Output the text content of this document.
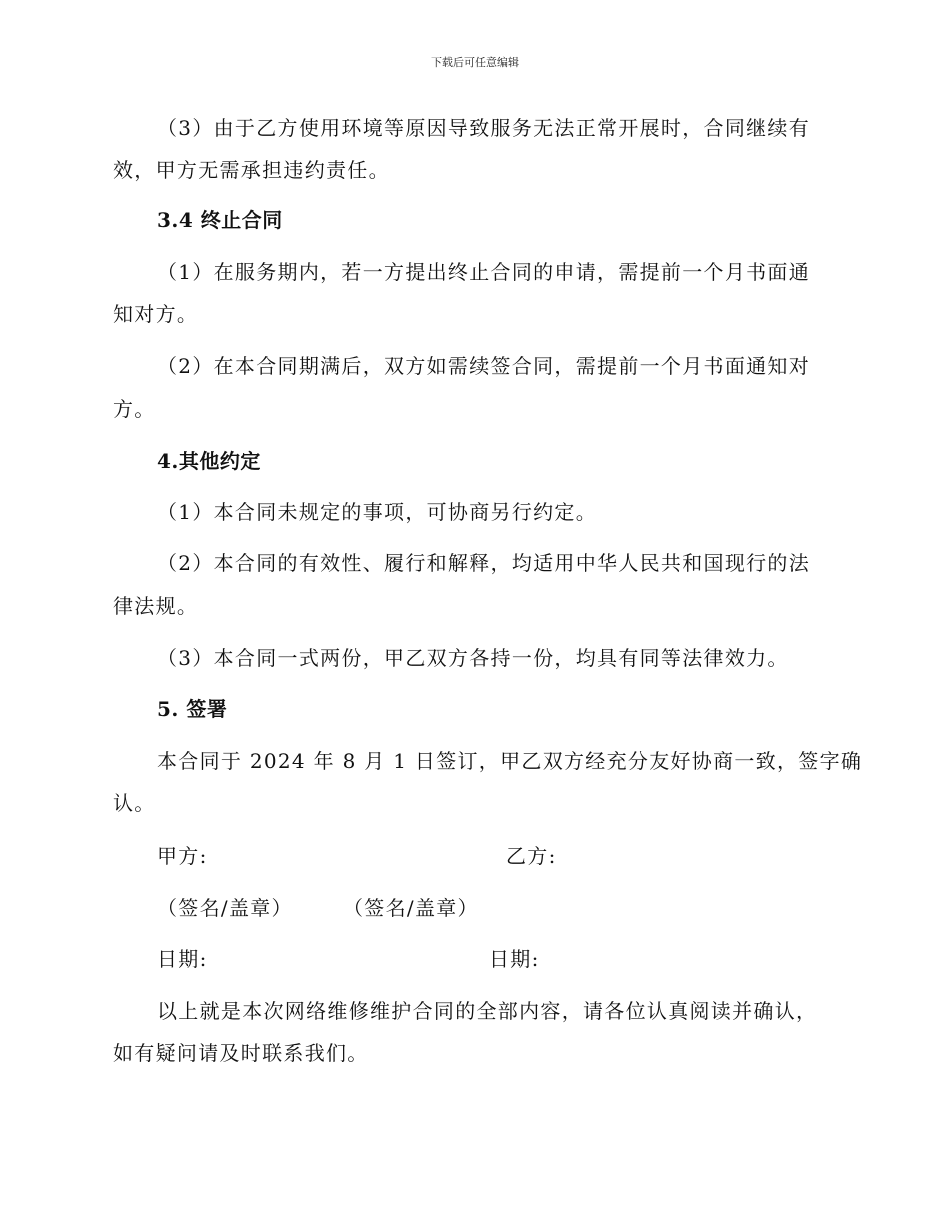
下载后可任意编辑
（3）由于乙方使用环境等原因导致服务无法正常开展时，合同继续有
效，甲方无需承担违约责任。
3.4 终止合同
（1）在服务期内，若一方提出终止合同的申请，需提前一个月书面通
知对方。
（2）在本合同期满后，双方如需续签合同，需提前一个月书面通知对
方。
4.其他约定
（1）本合同未规定的事项，可协商另行约定。
（2）本合同的有效性、履行和解释，均适用中华人民共和国现行的法
律法规。
（3）本合同一式两份，甲乙双方各持一份，均具有同等法律效力。
5. 签署
本合同于 2024 年 8 月 1 日签订，甲乙双方经充分友好协商一致，签字确
认。
甲方:	乙方:
（签名/盖章）	（签名/盖章）
日期:	日期:
以上就是本次网络维修维护合同的全部内容，请各位认真阅读并确认，
如有疑问请及时联系我们。
